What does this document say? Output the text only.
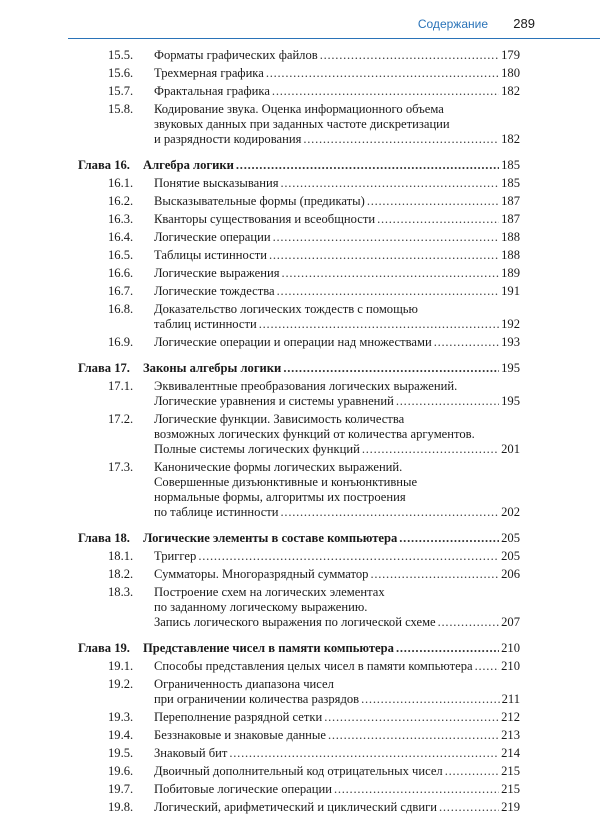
Содержание 289
15.5. Форматы графических файлов . . .	179
15.6. Трехмерная графика . . .	180
15.7. Фрактальная графика . . .	182
15.8. Кодирование звука. Оценка информационного объема
звуковых данных при заданных частоте дискретизации
и разрядности кодирования . . .	182
Глава 16. Алгебра логики . . .	185
16.1. Понятие высказывания . . .	185
16.2. Высказывательные формы (предикаты) . . .	187
16.3. Кванторы существования и всеобщности . . .	187
16.4. Логические операции . . .	188
16.5. Таблицы истинности . . .	188
16.6. Логические выражения . . .	189
16.7. Логические тождества . . .	191
16.8. Доказательство логических тождеств с помощью
таблиц истинности . . .	192
16.9. Логические операции и операции над множествами . . .	193
Глава 17. Законы алгебры логики . . .	195
17.1. Эквивалентные преобразования логических выражений.
Логические уравнения и системы уравнений . . .	195
17.2. Логические функции. Зависимость количества
возможных логических функций от количества аргументов.
Полные системы логических функций . . .	201
17.3. Канонические формы логических выражений.
Совершенные дизъюнктивные и конъюнктивные
нормальные формы, алгоритмы их построения
по таблице истинности . . .	202
Глава 18. Логические элементы в составе компьютера . . .	205
18.1. Триггер . . .	205
18.2. Сумматоры. Многоразрядный сумматор . . .	206
18.3. Построение схем на логических элементах
по заданному логическому выражению.
Запись логического выражения по логической схеме . . .	207
Глава 19. Представление чисел в памяти компьютера . . .	210
19.1. Способы представления целых чисел в памяти компьютера . . . 210
19.2. Ограниченность диапазона чисел
при ограничении количества разрядов . . .	211
19.3. Переполнение разрядной сетки . . .	212
19.4. Беззнаковые и знаковые данные . . .	213
19.5. Знаковый бит . . .	214
19.6. Двоичный дополнительный код отрицательных чисел . . .	215
19.7. Побитовые логические операции . . .	215
19.8. Логический, арифметический и циклический сдвиги . . .	219
